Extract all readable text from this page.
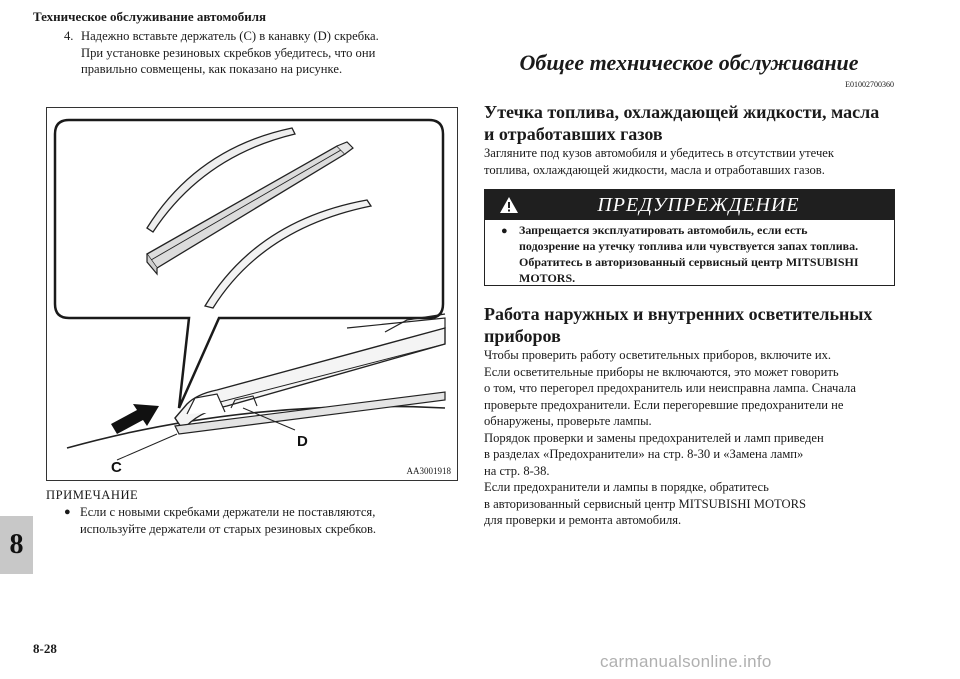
Техническое обслуживание автомобиля
8
8-28
4. Надежно вставьте держатель (C) в канавку (D) скребка.
При установке резиновых скребков убедитесь, что они
правильно совмещены, как показано на рисунке.
C
D
AA3001918
ПРИМЕЧАНИЕ
● Если с новыми скребками держатели не поставляются,
используйте держатели от старых резиновых скребков.
Общее техническое обслуживание
E01002700360
Утечка топлива, охлаждающей жидкости, масла
и отработавших газов
Загляните под кузов автомобиля и убедитесь в отсутствии утечек
топлива, охлаждающей жидкости, масла и отработавших газов.
ПРЕДУПРЕЖДЕНИЕ
● Запрещается эксплуатировать автомобиль, если есть
подозрение на утечку топлива или чувствуется запах топлива.
Обратитесь в авторизованный сервисный центр MITSUBISHI
MOTORS.
Работа наружных и внутренних осветительных
приборов
Чтобы проверить работу осветительных приборов, включите их.
Если осветительные приборы не включаются, это может говорить
о том, что перегорел предохранитель или неисправна лампа. Сначала
проверьте предохранители. Если перегоревшие предохранители не
обнаружены, проверьте лампы.
Порядок проверки и замены предохранителей и ламп приведен
в разделах «Предохранители» на стр. 8-30 и «Замена ламп»
на стр. 8-38.
Если предохранители и лампы в порядке, обратитесь
в авторизованный сервисный центр MITSUBISHI MOTORS
для проверки и ремонта автомобиля.
carmanualsonline.info
